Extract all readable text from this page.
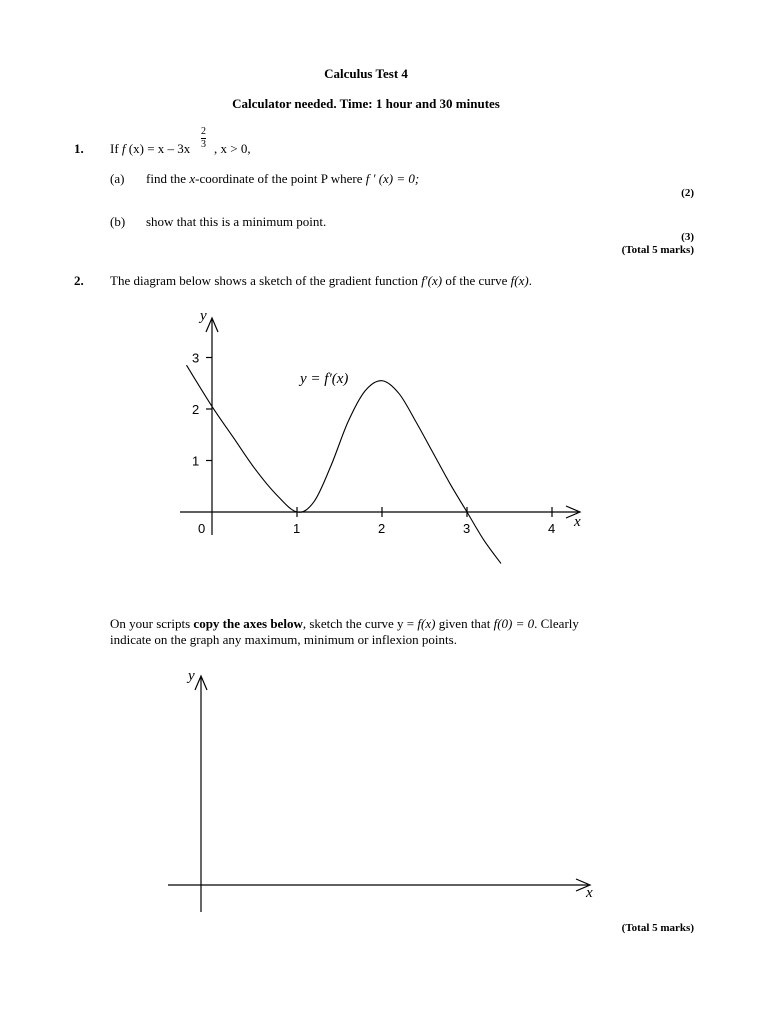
Calculus Test 4
Calculator needed. Time: 1 hour and 30 minutes
1. If f (x) = x – 3x
2
3 , x > 0,
(a) find the x-coordinate of the point P where f ′ (x) = 0;
(2)
(b) show that this is a minimum point.
(3)
(Total 5 marks)
2. The diagram below shows a sketch of the gradient function f′(x) of the curve f(x).
y
x
0	1	2	3	4
1
2
3
y = f′(x)
On your scripts copy the axes below, sketch the curve y = f(x) given that f(0) = 0. Clearly
indicate on the graph any maximum, minimum or inflexion points.
y
x
(Total 5 marks)
